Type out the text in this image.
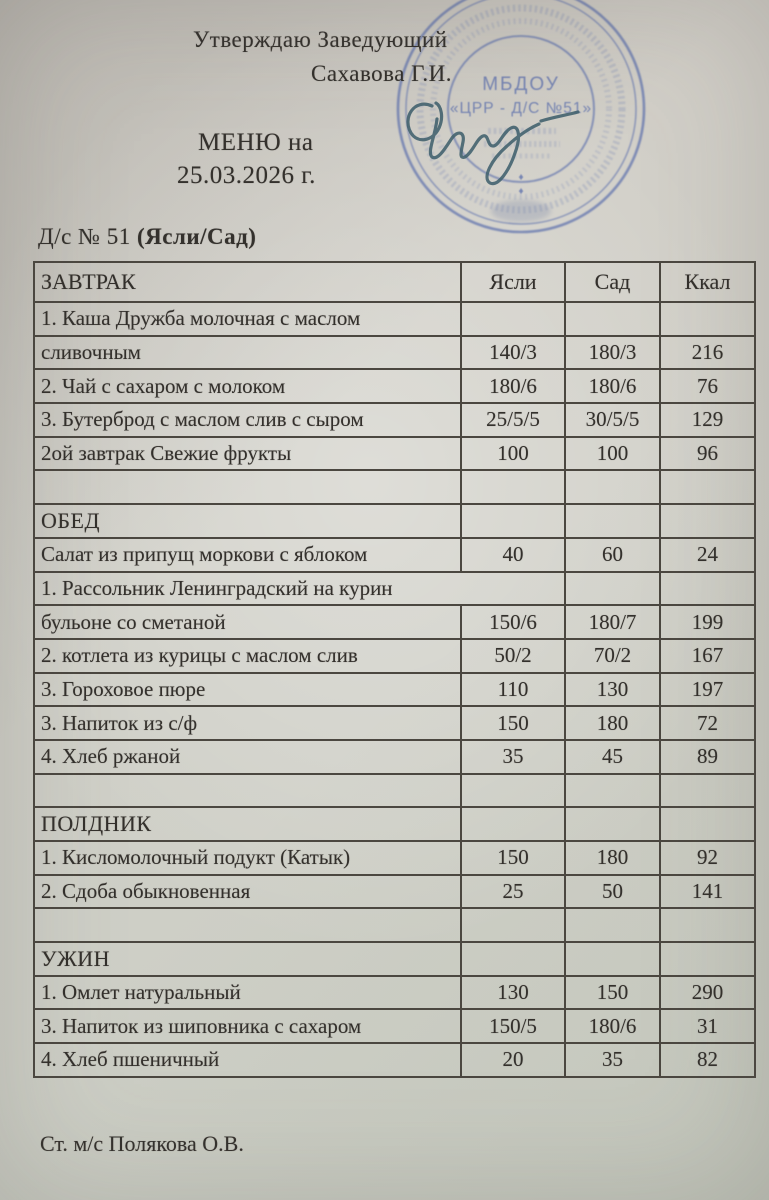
МБДОУ
«ЦРР - Д/С №51»
♦
♦
Утверждаю Заведующий
Сахавова Г.И.
МЕНЮ на
25.03.2026 г.
Д/с № 51 (Ясли/Сад)
ЗАВТРАК	Ясли	Сад	Ккал
1. Каша Дружба молочная с маслом			
сливочным	140/3	180/3	216
2. Чай с сахаром с молоком	180/6	180/6	76
3. Бутерброд с маслом слив с сыром	25/5/5	30/5/5	129
2ой завтрак Свежие фрукты	100	100	96

ОБЕД			
Салат из припущ моркови с яблоком	40	60	24
1. Рассольник Ленинградский на курин			
бульоне со сметаной	150/6	180/7	199
2. котлета из курицы с маслом слив	50/2	70/2	167
3. Гороховое пюре	110	130	197
3. Напиток из с/ф	150	180	72
4. Хлеб ржаной	35	45	89

ПОЛДНИК			
1. Кисломолочный подукт (Катык)	150	180	92
2. Сдоба обыкновенная	25	50	141

УЖИН			
1. Омлет натуральный	130	150	290
3. Напиток из шиповника с сахаром	150/5	180/6	31
4. Хлеб пшеничный	20	35	82
Ст. м/с Полякова О.В.
